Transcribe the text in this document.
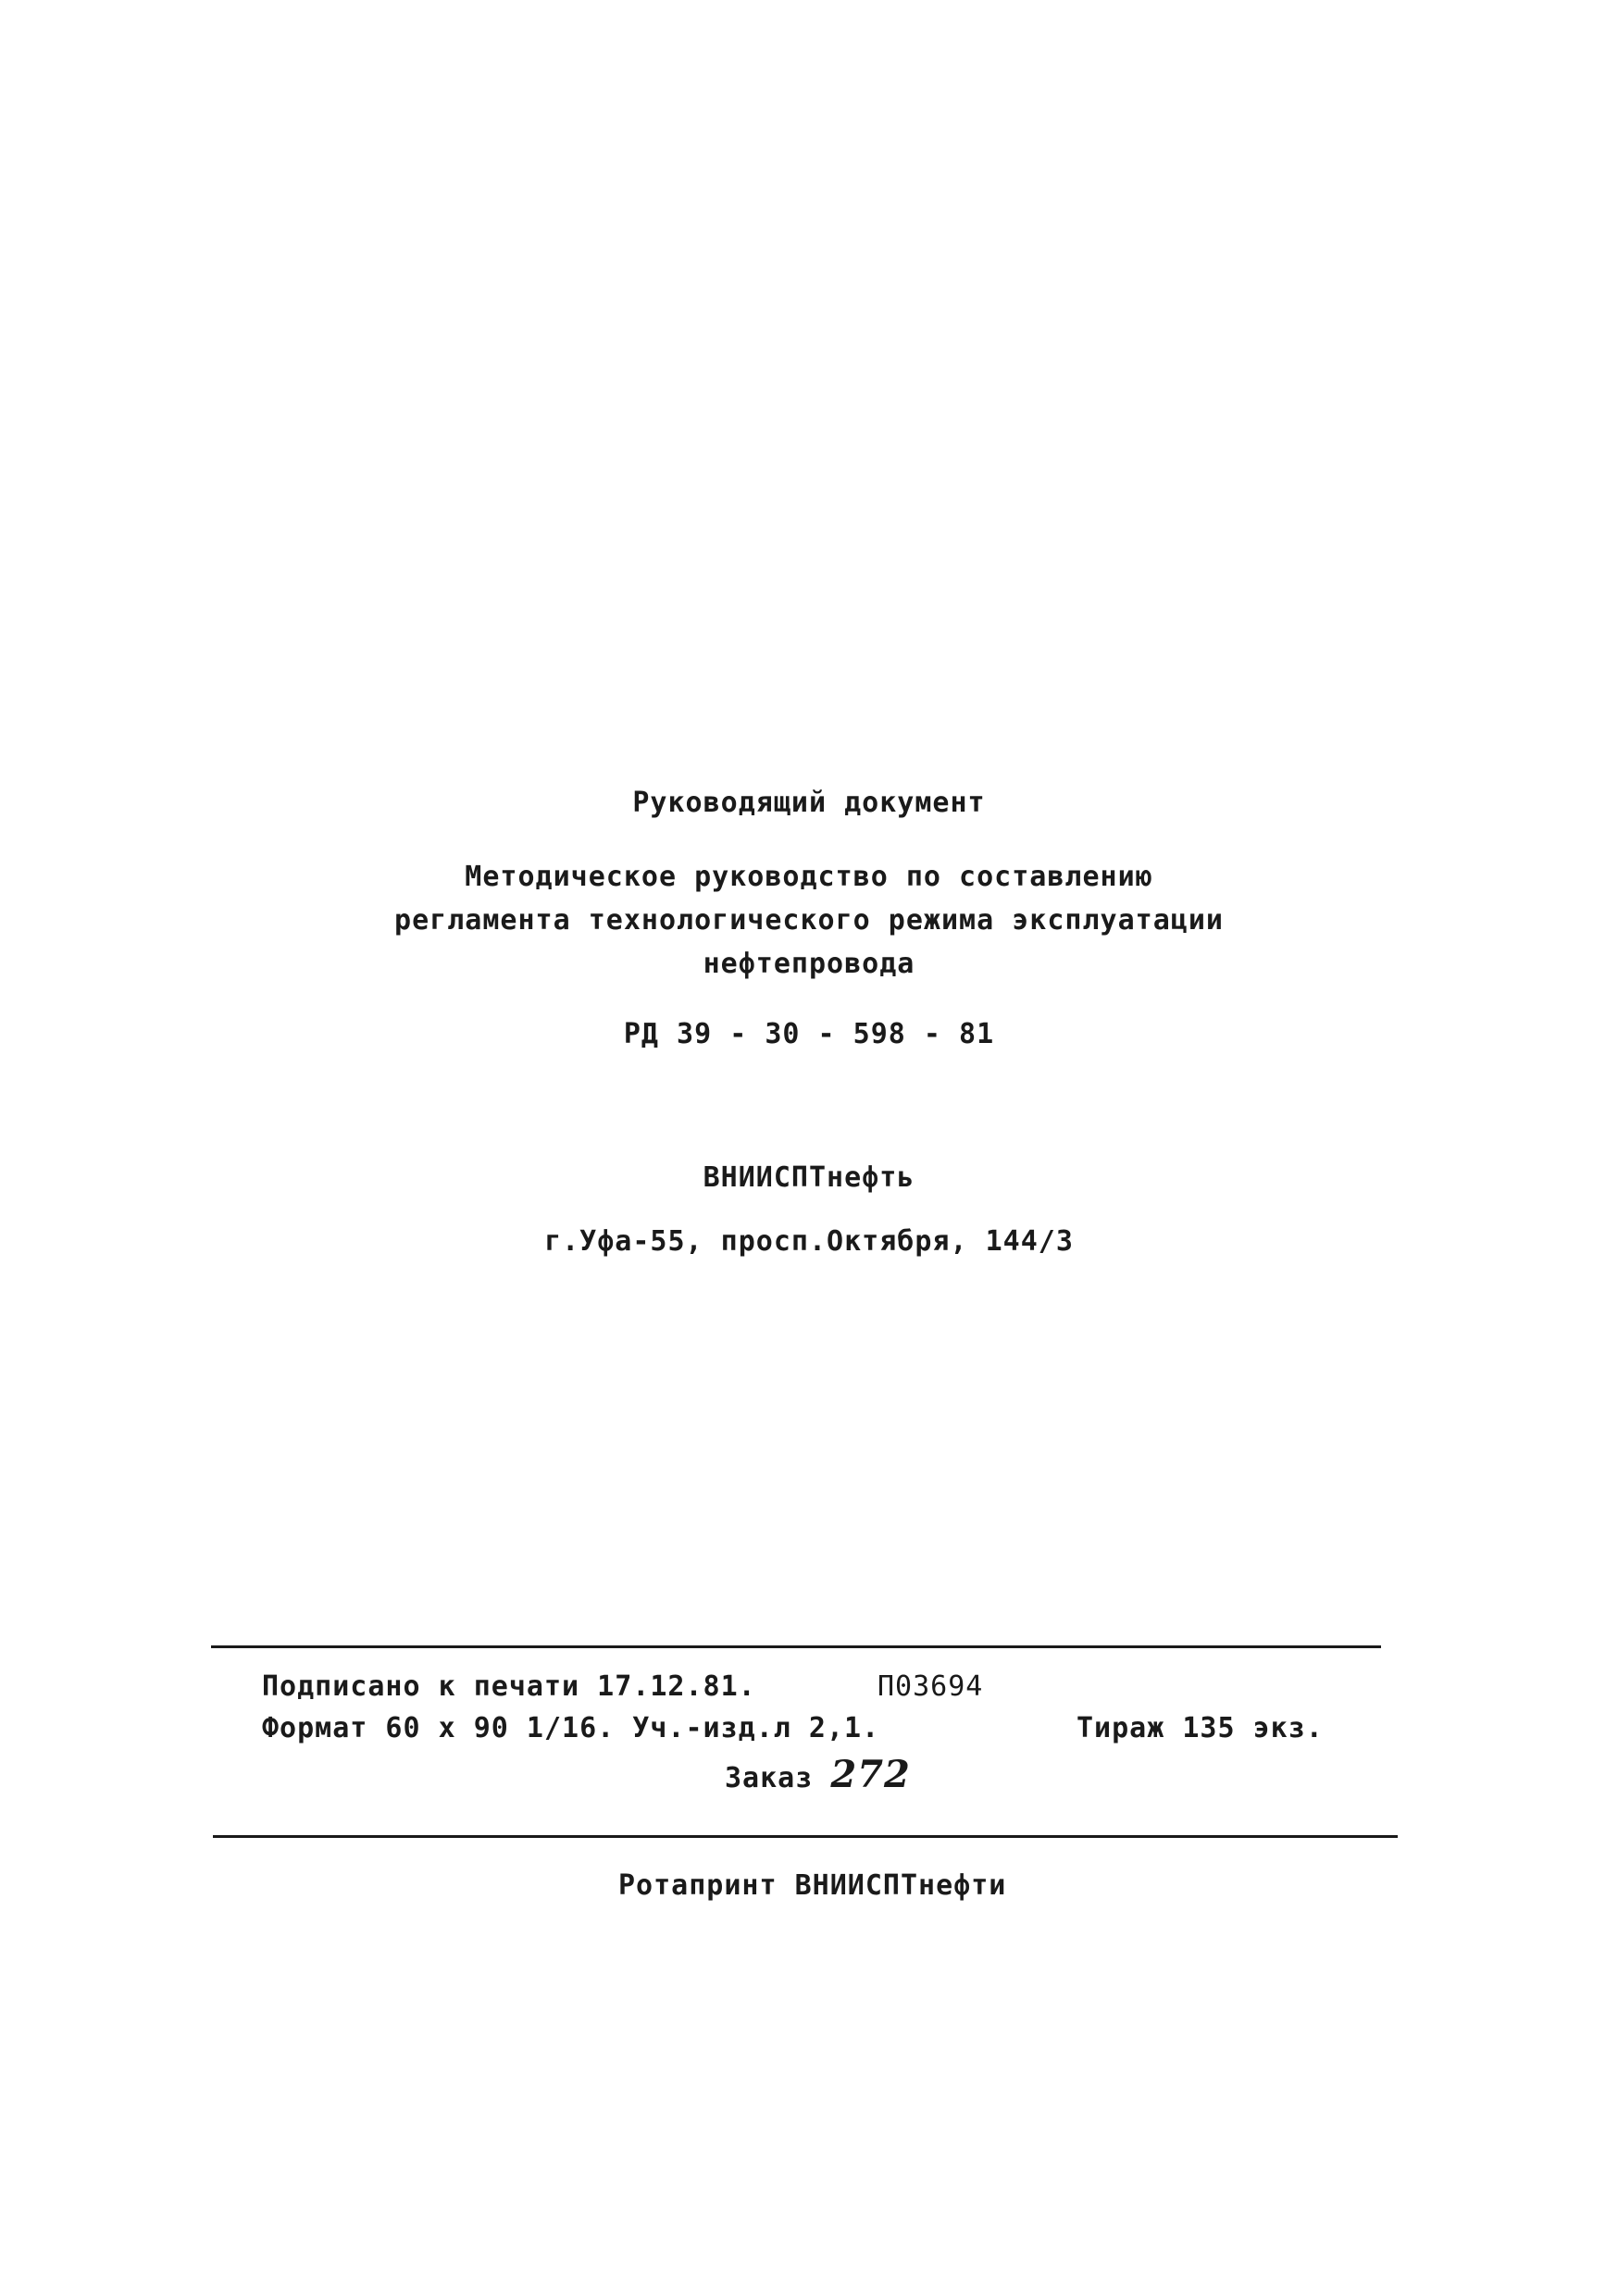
Руководящий документ
Методическое руководство по составлению
регламента технологического режима эксплуатации
нефтепровода
РД 39 - 30 - 598 - 81
ВНИИСПТнефть
г.Уфа-55, просп.Октября, 144/3
Подписано к печати 17.12.81.	П03694
Формат 60 х 90 1/16. Уч.-изд.л 2,1.	Тираж 135 экз.
Заказ 272
Ротапринт ВНИИСПТнефти
